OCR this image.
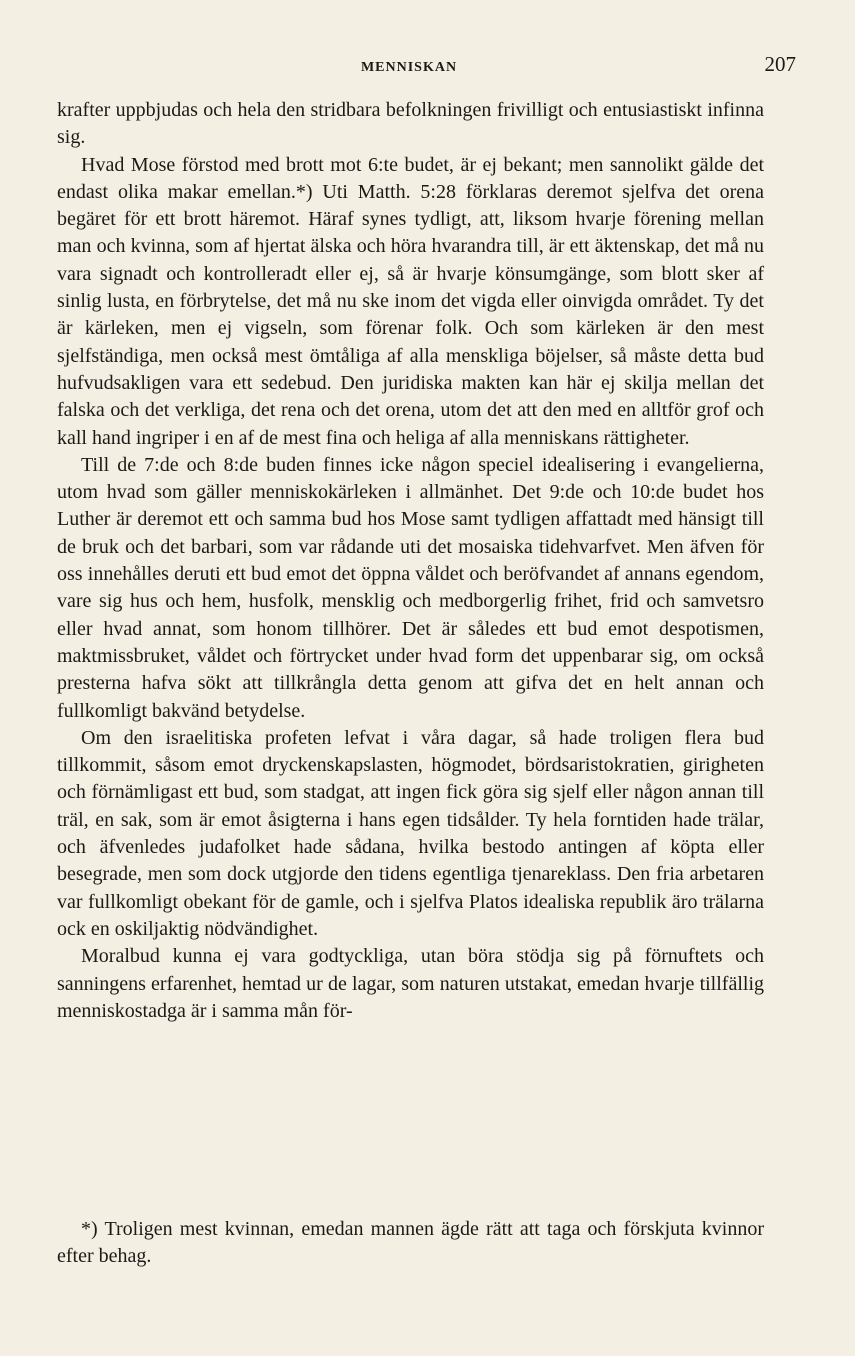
MENNISKAN	207

krafter uppbjudas och hela den stridbara befolkningen frivilligt och entusiastiskt infinna sig.

Hvad Mose förstod med brott mot 6:te budet, är ej bekant; men sannolikt gälde det endast olika makar emellan.*) Uti Matth. 5:28 förklaras deremot sjelfva det orena begäret för ett brott häremot. Häraf synes tydligt, att, liksom hvarje förening mellan man och kvinna, som af hjertat älska och höra hvarandra till, är ett äktenskap, det må nu vara signadt och kontrolleradt eller ej, så är hvarje könsumgänge, som blott sker af sinlig lusta, en förbrytelse, det må nu ske inom det vigda eller oinvigda området. Ty det är kärleken, men ej vigseln, som förenar folk. Och som kärleken är den mest sjelfständiga, men också mest ömtåliga af alla menskliga böjelser, så måste detta bud hufvudsakligen vara ett sedebud. Den juridiska makten kan här ej skilja mellan det falska och det verkliga, det rena och det orena, utom det att den med en alltför grof och kall hand ingriper i en af de mest fina och heliga af alla menniskans rättigheter.

Till de 7:de och 8:de buden finnes icke någon speciel idealisering i evangelierna, utom hvad som gäller menniskokärleken i allmänhet. Det 9:de och 10:de budet hos Luther är deremot ett och samma bud hos Mose samt tydligen affattadt med hänsigt till de bruk och det barbari, som var rådande uti det mosaiska tidehvarfvet. Men äfven för oss innehålles deruti ett bud emot det öppna våldet och beröfvandet af annans egendom, vare sig hus och hem, husfolk, mensklig och medborgerlig frihet, frid och samvetsro eller hvad annat, som honom tillhörer. Det är således ett bud emot despotismen, maktmissbruket, våldet och förtrycket under hvad form det uppenbarar sig, om också presterna hafva sökt att tillkrångla detta genom att gifva det en helt annan och fullkomligt bakvänd betydelse.

Om den israelitiska profeten lefvat i våra dagar, så hade troligen flera bud tillkommit, såsom emot dryckenskapslasten, högmodet, bördsaristokratien, girigheten och förnämligast ett bud, som stadgat, att ingen fick göra sig sjelf eller någon annan till träl, en sak, som är emot åsigterna i hans egen tidsålder. Ty hela forntiden hade trälar, och äfvenledes judafolket hade sådana, hvilka bestodo antingen af köpta eller besegrade, men som dock utgjorde den tidens egentliga tjenareklass. Den fria arbetaren var fullkomligt obekant för de gamle, och i sjelfva Platos idealiska republik äro trälarna ock en oskiljaktig nödvändighet.

Moralbud kunna ej vara godtyckliga, utan böra stödja sig på förnuftets och sanningens erfarenhet, hemtad ur de lagar, som naturen utstakat, emedan hvarje tillfällig menniskostadga är i samma mån för-

*) Troligen mest kvinnan, emedan mannen ägde rätt att taga och förskjuta kvinnor efter behag.
